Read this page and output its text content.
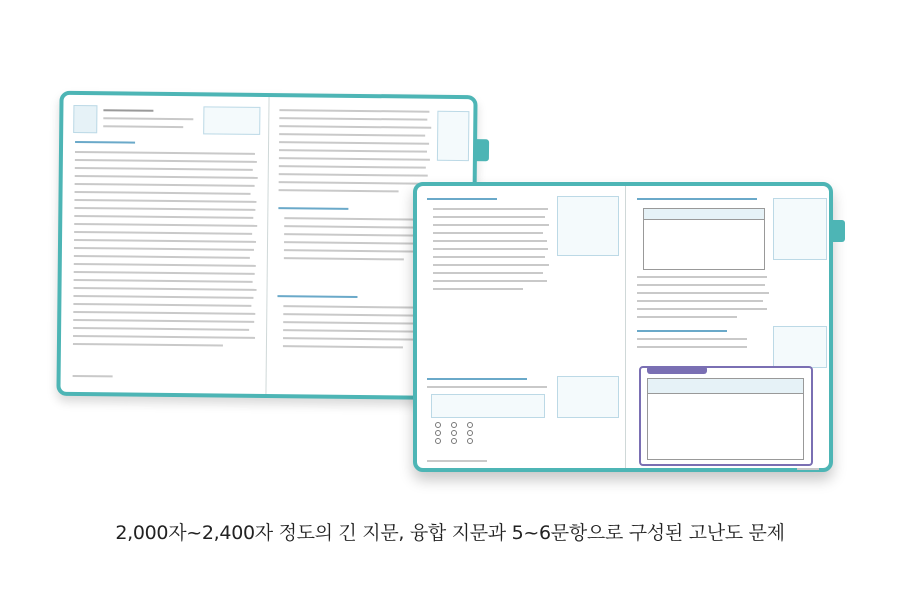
2,000자~2,400자 정도의 긴 지문, 융합 지문과 5~6문항으로 구성된 고난도 문제
